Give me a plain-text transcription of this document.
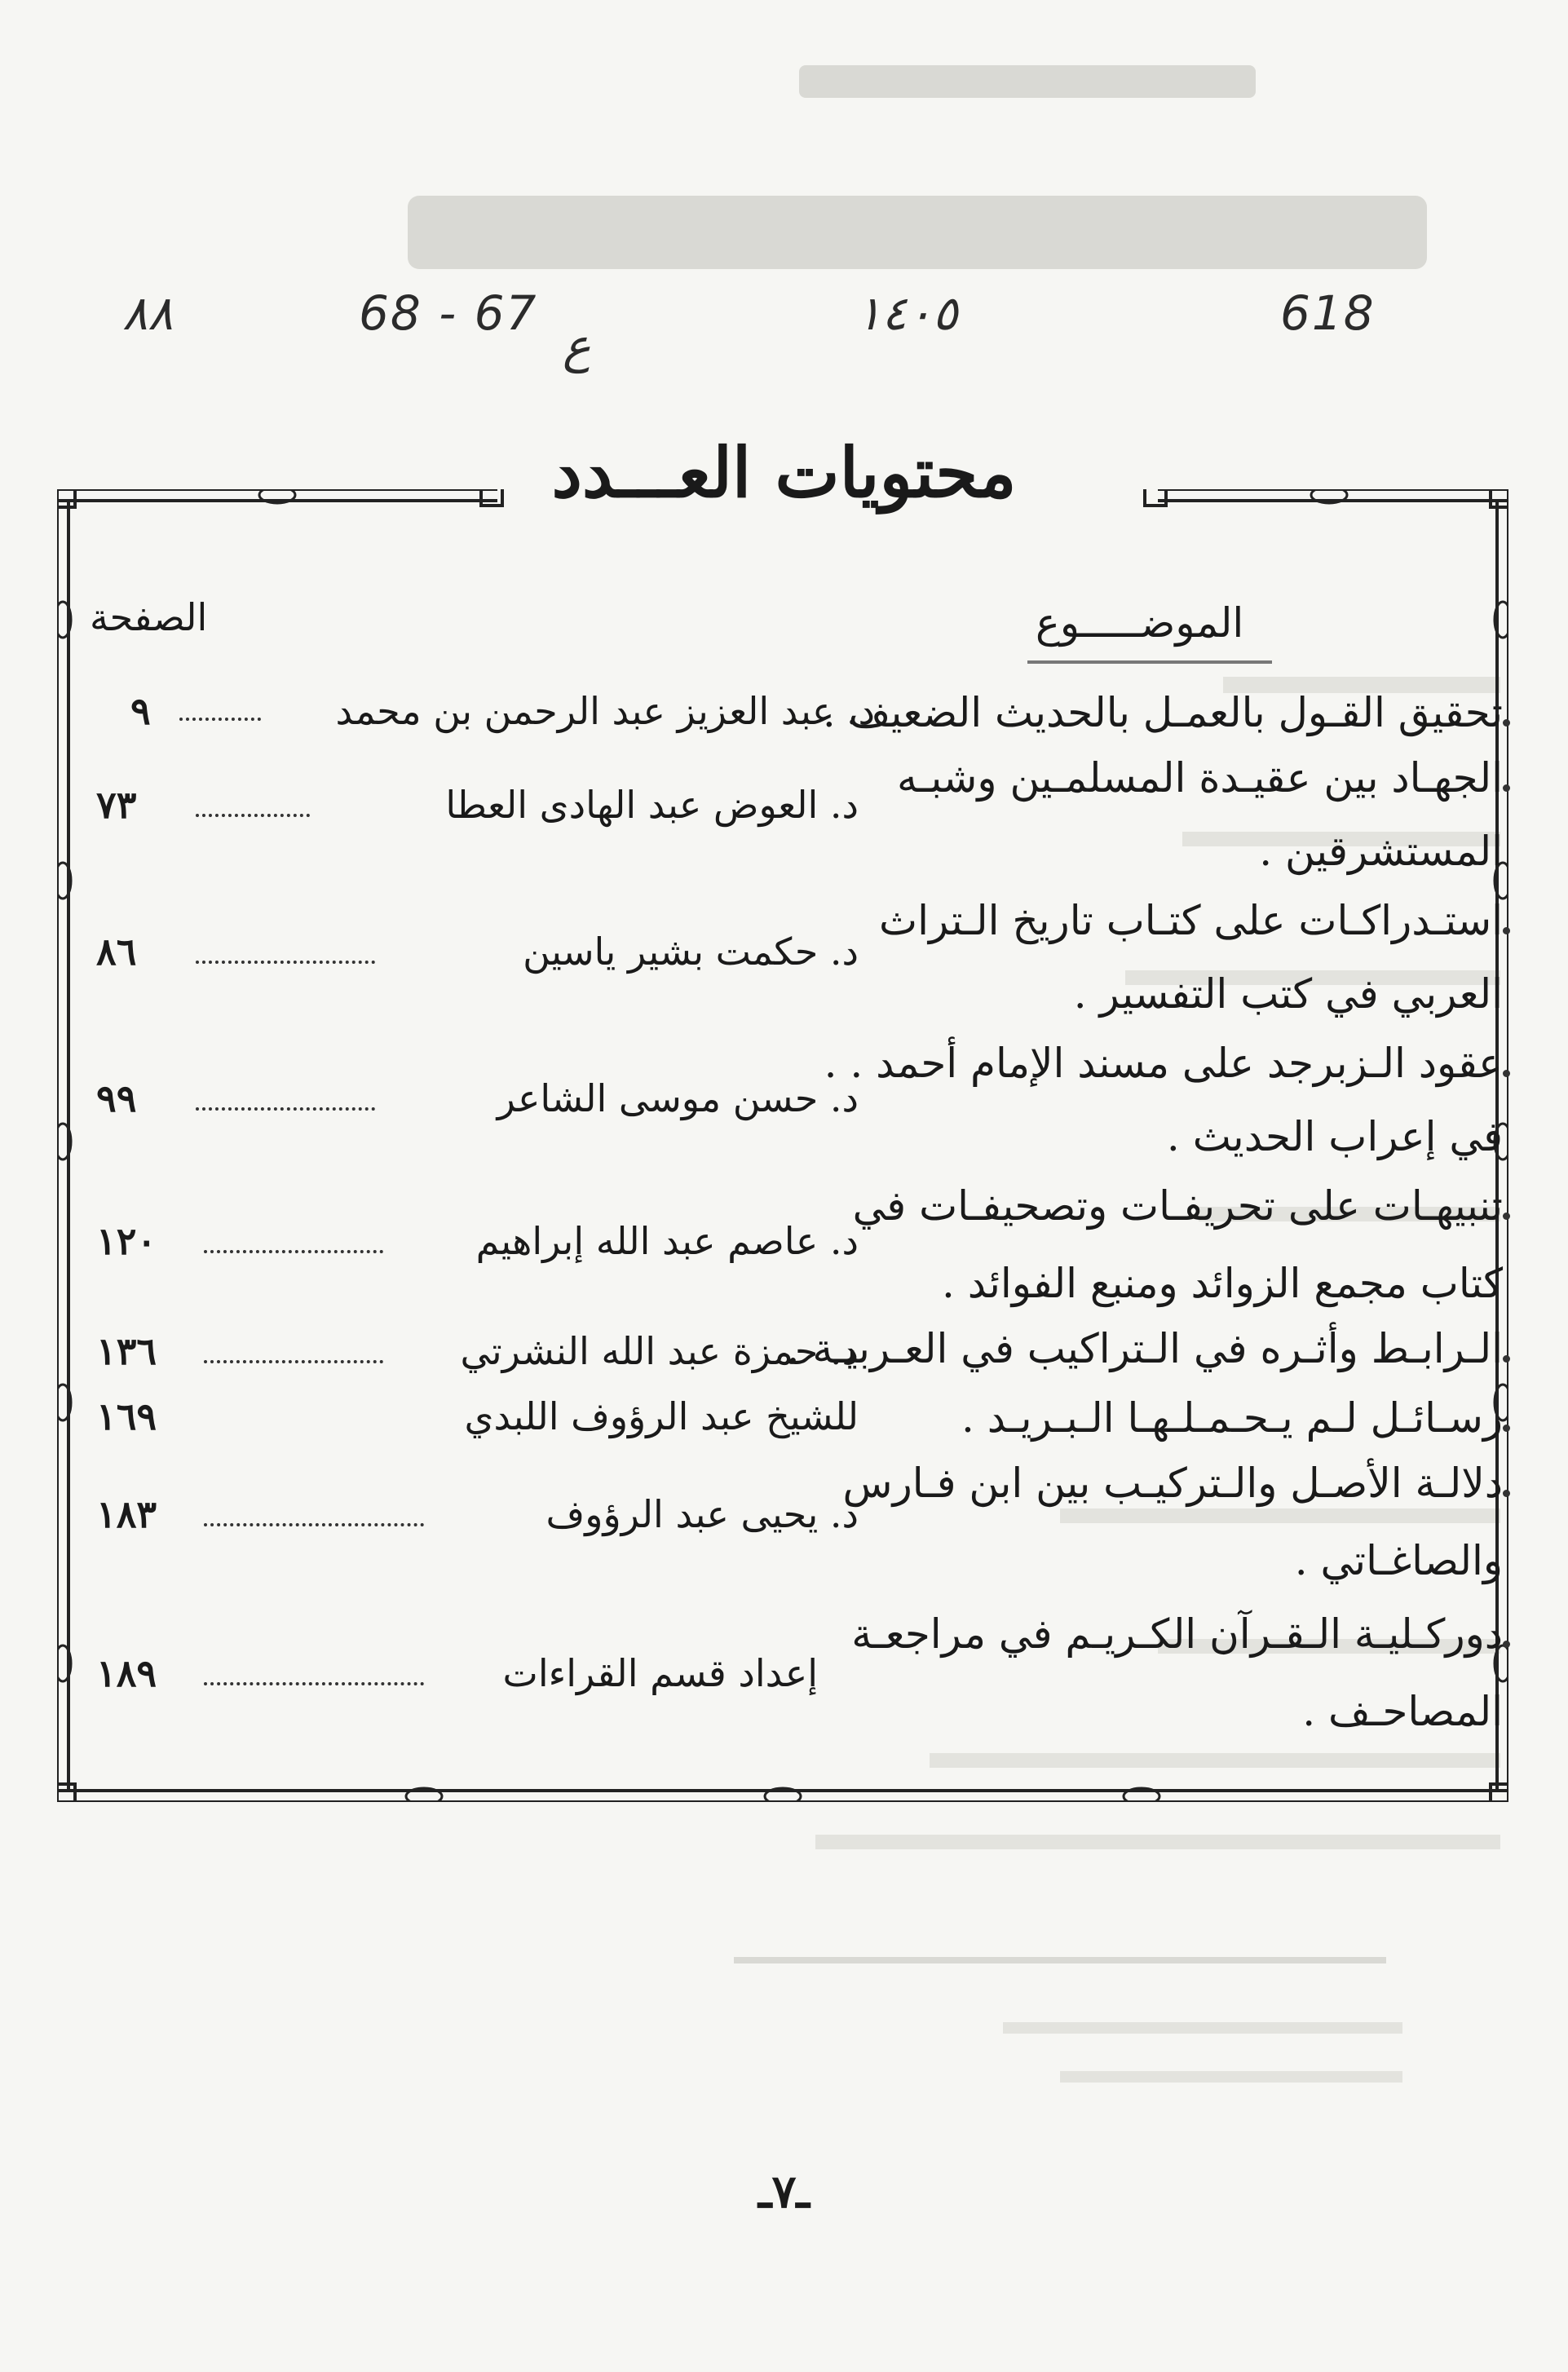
٨٨	68 - 67
ع
١٤٠٥	618
محتويات العـــدد
الموضـــــوع
الصفحة
تحقيق القـول بالعمـل بالحديث الضعيف .
د. عبد العزيز عبد الرحمن بن محمد
٩
الجهـاد بين عقيـدة المسلمـين وشبـه
المستشرقين .
د. العوض عبد الهادى العطا
٧٣
استـدراكـات على كتـاب تاريخ الـتراث
العربي في كتب التفسير .
د. حكمت بشير ياسين
٨٦
عقود الـزبرجد على مسند الإمام أحمد . .
في إعراب الحديث .
د. حسن موسى الشاعر
٩٩
تنبيهـات على تحريفـات وتصحيفـات في
كتاب مجمع الزوائد ومنبع الفوائد .
د. عاصم عبد الله إبراهيم
١٢٠
الـرابـط وأثـره في الـتراكيب في العـربيـة .
د. حمزة عبد الله النشرتي
١٣٦
رسـائـل لـم يـحـمـلـهـا الـبـريـد .
للشيخ عبد الرؤوف اللبدي
١٦٩
دلالـة الأصـل والـتركيـب بين ابن فـارس
والصاغـاتي .
د. يحيى عبد الرؤوف
١٨٣
دوركـليـة الـقـرآن الكـريـم في مراجعـة
المصاحـف .
إعداد قسم القراءات
١٨٩
ـ٧ـ
